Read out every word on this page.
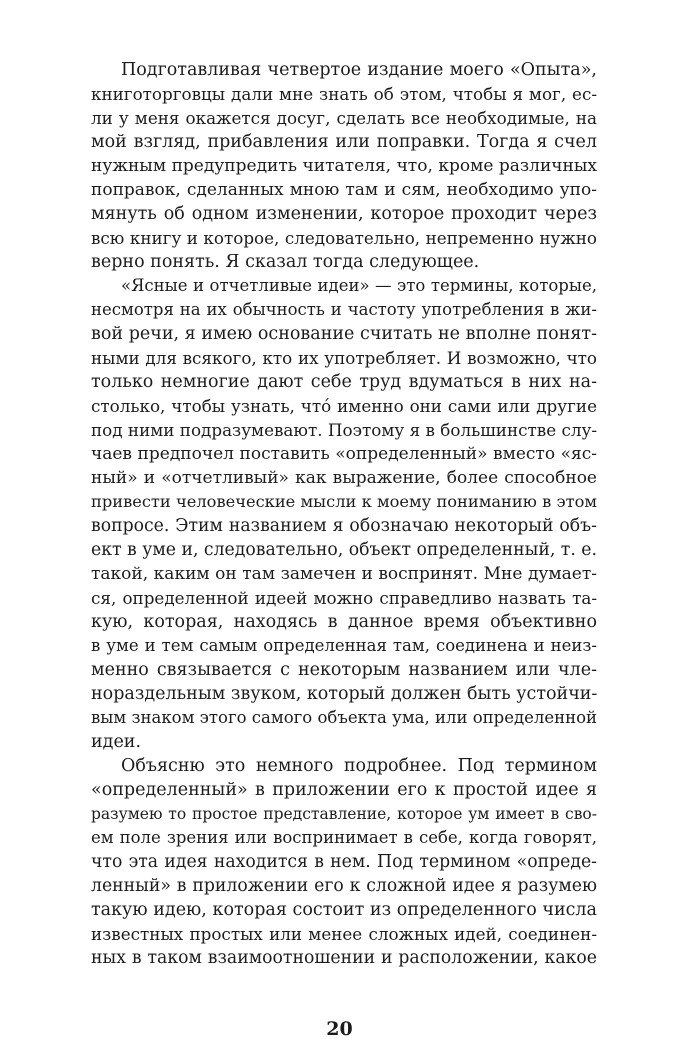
Подготавливая четвертое издание моего «Опыта»,
книготорговцы дали мне знать об этом, чтобы я мог, ес-
ли у меня окажется досуг, сделать все необходимые, на
мой взгляд, прибавления или поправки. Тогда я счел
нужным предупредить читателя, что, кроме различных
поправок, сделанных мною там и сям, необходимо упо-
мянуть об одном изменении, которое проходит через
всю книгу и которое, следовательно, непременно нужно
верно понять. Я сказал тогда следующее.
«Ясные и отчетливые идеи» — это термины, которые,
несмотря на их обычность и частоту употребления в жи-
вой речи, я имею основание считать не вполне понят-
ными для всякого, кто их употребляет. И возможно, что
только немногие дают себе труд вдуматься в них на-
столько, чтобы узнать, чтó именно они сами или другие
под ними подразумевают. Поэтому я в большинстве слу-
чаев предпочел поставить «определенный» вместо «яс-
ный» и «отчетливый» как выражение, более способное
привести человеческие мысли к моему пониманию в этом
вопросе. Этим названием я обозначаю некоторый объ-
ект в уме и, следовательно, объект определенный, т. е.
такой, каким он там замечен и воспринят. Мне думает-
ся, определенной идеей можно справедливо назвать та-
кую, которая, находясь в данное время объективно
в уме и тем самым определенная там, соединена и неиз-
менно связывается с некоторым названием или чле-
нораздельным звуком, который должен быть устойчи-
вым знаком этого самого объекта ума, или определенной
идеи.
Объясню это немного подробнее. Под термином
«определенный» в приложении его к простой идее я
разумею то простое представление, которое ум имеет в сво-
ем поле зрения или воспринимает в себе, когда говорят,
что эта идея находится в нем. Под термином «опреде-
ленный» в приложении его к сложной идее я разумею
такую идею, которая состоит из определенного числа
известных простых или менее сложных идей, соединен-
ных в таком взаимоотношении и расположении, какое
20
